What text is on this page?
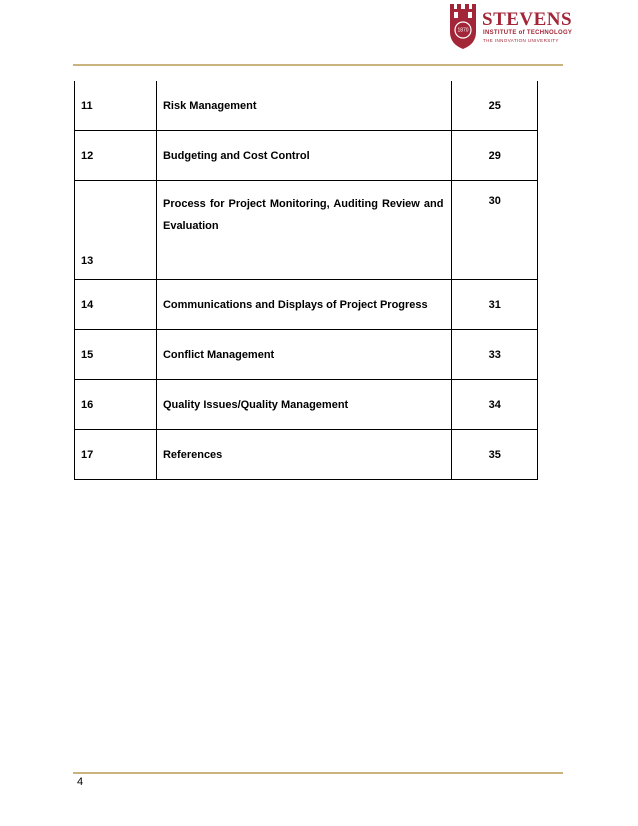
1870
STEVENS
INSTITUTE of TECHNOLOGY
THE INNOVATION UNIVERSITY
11	Risk Management	25
12	Budgeting and Cost Control	29
13	Process for Project Monitoring, Auditing Review and Evaluation	30
14	Communications and Displays of Project Progress	31
15	Conflict Management	33
16	Quality Issues/Quality Management	34
17	References	35
4
